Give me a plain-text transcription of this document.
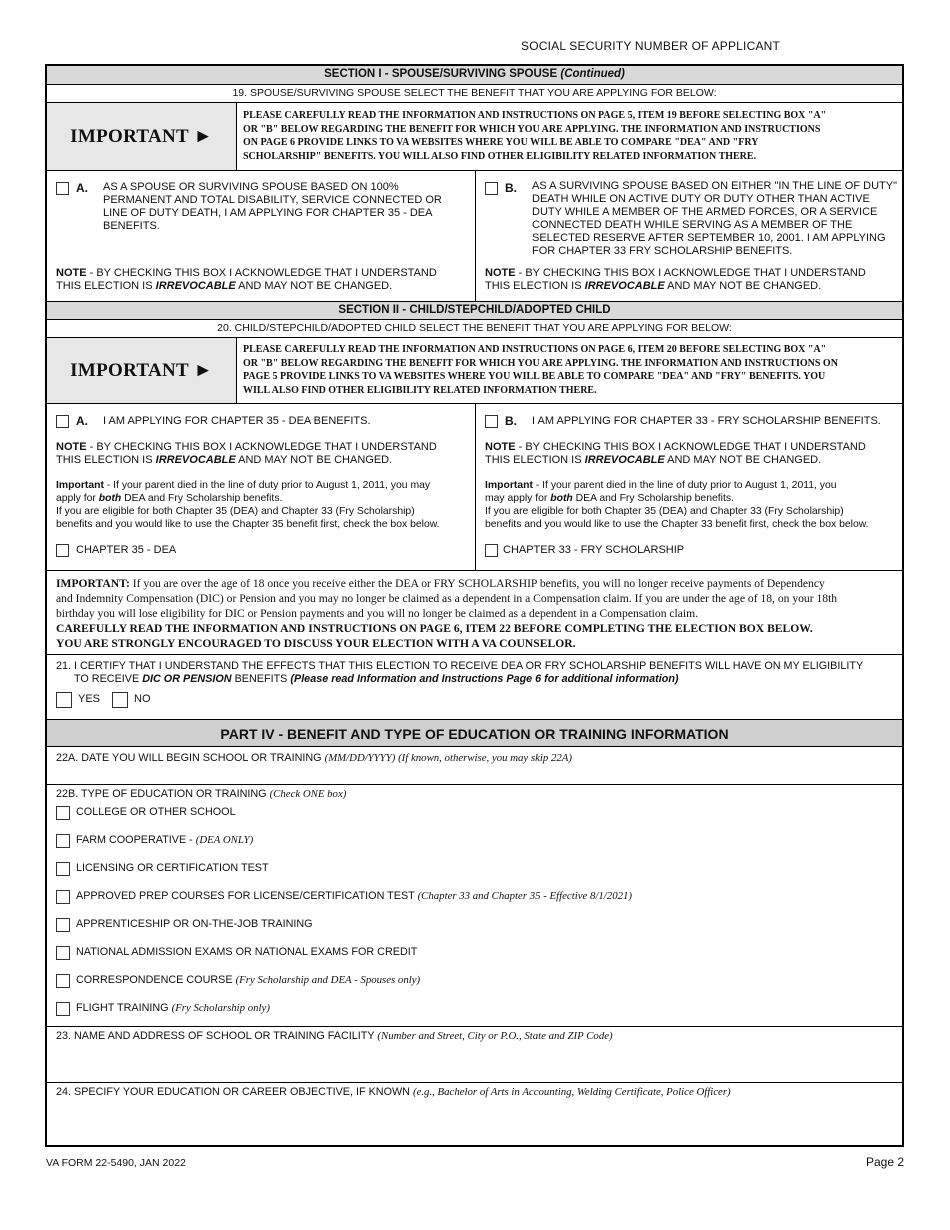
SOCIAL SECURITY NUMBER OF APPLICANT
SECTION I - SPOUSE/SURVIVING SPOUSE (Continued)
19. SPOUSE/SURVIVING SPOUSE SELECT THE BENEFIT THAT YOU ARE APPLYING FOR BELOW:
IMPORTANT ►
PLEASE CAREFULLY READ THE INFORMATION AND INSTRUCTIONS ON PAGE 5, ITEM 19 BEFORE SELECTING BOX "A"
OR "B" BELOW REGARDING THE BENEFIT FOR WHICH YOU ARE APPLYING. THE INFORMATION AND INSTRUCTIONS
ON PAGE 6 PROVIDE LINKS TO VA WEBSITES WHERE YOU WILL BE ABLE TO COMPARE "DEA" AND "FRY
SCHOLARSHIP" BENEFITS. YOU WILL ALSO FIND OTHER ELIGIBILITY RELATED INFORMATION THERE.
A. AS A SPOUSE OR SURVIVING SPOUSE BASED ON 100%
PERMANENT AND TOTAL DISABILITY, SERVICE CONNECTED OR
LINE OF DUTY DEATH, I AM APPLYING FOR CHAPTER 35 - DEA
BENEFITS.
NOTE - BY CHECKING THIS BOX I ACKNOWLEDGE THAT I UNDERSTAND
THIS ELECTION IS IRREVOCABLE AND MAY NOT BE CHANGED.
B. AS A SURVIVING SPOUSE BASED ON EITHER "IN THE LINE OF DUTY"
DEATH WHILE ON ACTIVE DUTY OR DUTY OTHER THAN ACTIVE
DUTY WHILE A MEMBER OF THE ARMED FORCES, OR A SERVICE
CONNECTED DEATH WHILE SERVING AS A MEMBER OF THE
SELECTED RESERVE AFTER SEPTEMBER 10, 2001. I AM APPLYING
FOR CHAPTER 33 FRY SCHOLARSHIP BENEFITS.
NOTE - BY CHECKING THIS BOX I ACKNOWLEDGE THAT I UNDERSTAND
THIS ELECTION IS IRREVOCABLE AND MAY NOT BE CHANGED.
SECTION II - CHILD/STEPCHILD/ADOPTED CHILD
20. CHILD/STEPCHILD/ADOPTED CHILD SELECT THE BENEFIT THAT YOU ARE APPLYING FOR BELOW:
IMPORTANT ►
PLEASE CAREFULLY READ THE INFORMATION AND INSTRUCTIONS ON PAGE 6, ITEM 20 BEFORE SELECTING BOX "A"
OR "B" BELOW REGARDING THE BENEFIT FOR WHICH YOU ARE APPLYING. THE INFORMATION AND INSTRUCTIONS ON
PAGE 5 PROVIDE LINKS TO VA WEBSITES WHERE YOU WILL BE ABLE TO COMPARE "DEA" AND "FRY" BENEFITS. YOU
WILL ALSO FIND OTHER ELIGIBILITY RELATED INFORMATION THERE.
A. I AM APPLYING FOR CHAPTER 35 - DEA BENEFITS.
NOTE - BY CHECKING THIS BOX I ACKNOWLEDGE THAT I UNDERSTAND
THIS ELECTION IS IRREVOCABLE AND MAY NOT BE CHANGED.
Important - If your parent died in the line of duty prior to August 1, 2011, you may
apply for both DEA and Fry Scholarship benefits.
If you are eligible for both Chapter 35 (DEA) and Chapter 33 (Fry Scholarship)
benefits and you would like to use the Chapter 35 benefit first, check the box below.
CHAPTER 35 - DEA
B. I AM APPLYING FOR CHAPTER 33 - FRY SCHOLARSHIP BENEFITS.
NOTE - BY CHECKING THIS BOX I ACKNOWLEDGE THAT I UNDERSTAND
THIS ELECTION IS IRREVOCABLE AND MAY NOT BE CHANGED.
Important - If your parent died in the line of duty prior to August 1, 2011, you
may apply for both DEA and Fry Scholarship benefits.
If you are eligible for both Chapter 35 (DEA) and Chapter 33 (Fry Scholarship)
benefits and you would like to use the Chapter 33 benefit first, check the box below.
CHAPTER 33 - FRY SCHOLARSHIP
IMPORTANT: If you are over the age of 18 once you receive either the DEA or FRY SCHOLARSHIP benefits, you will no longer receive payments of Dependency
and Indemnity Compensation (DIC) or Pension and you may no longer be claimed as a dependent in a Compensation claim. If you are under the age of 18, on your 18th
birthday you will lose eligibility for DIC or Pension payments and you will no longer be claimed as a dependent in a Compensation claim.
CAREFULLY READ THE INFORMATION AND INSTRUCTIONS ON PAGE 6, ITEM 22 BEFORE COMPLETING THE ELECTION BOX BELOW.
YOU ARE STRONGLY ENCOURAGED TO DISCUSS YOUR ELECTION WITH A VA COUNSELOR.
21. I CERTIFY THAT I UNDERSTAND THE EFFECTS THAT THIS ELECTION TO RECEIVE DEA OR FRY SCHOLARSHIP BENEFITS WILL HAVE ON MY ELIGIBILITY
TO RECEIVE DIC OR PENSION BENEFITS (Please read Information and Instructions Page 6 for additional information)
YES	NO
PART IV - BENEFIT AND TYPE OF EDUCATION OR TRAINING INFORMATION
22A. DATE YOU WILL BEGIN SCHOOL OR TRAINING (MM/DD/YYYY) (If known, otherwise, you may skip 22A)
22B. TYPE OF EDUCATION OR TRAINING (Check ONE box)
COLLEGE OR OTHER SCHOOL
FARM COOPERATIVE - (DEA ONLY)
LICENSING OR CERTIFICATION TEST
APPROVED PREP COURSES FOR LICENSE/CERTIFICATION TEST (Chapter 33 and Chapter 35 - Effective 8/1/2021)
APPRENTICESHIP OR ON-THE-JOB TRAINING
NATIONAL ADMISSION EXAMS OR NATIONAL EXAMS FOR CREDIT
CORRESPONDENCE COURSE (Fry Scholarship and DEA - Spouses only)
FLIGHT TRAINING (Fry Scholarship only)
23. NAME AND ADDRESS OF SCHOOL OR TRAINING FACILITY (Number and Street, City or P.O., State and ZIP Code)
24. SPECIFY YOUR EDUCATION OR CAREER OBJECTIVE, IF KNOWN (e.g., Bachelor of Arts in Accounting, Welding Certificate, Police Officer)
VA FORM 22-5490, JAN 2022	Page 2
